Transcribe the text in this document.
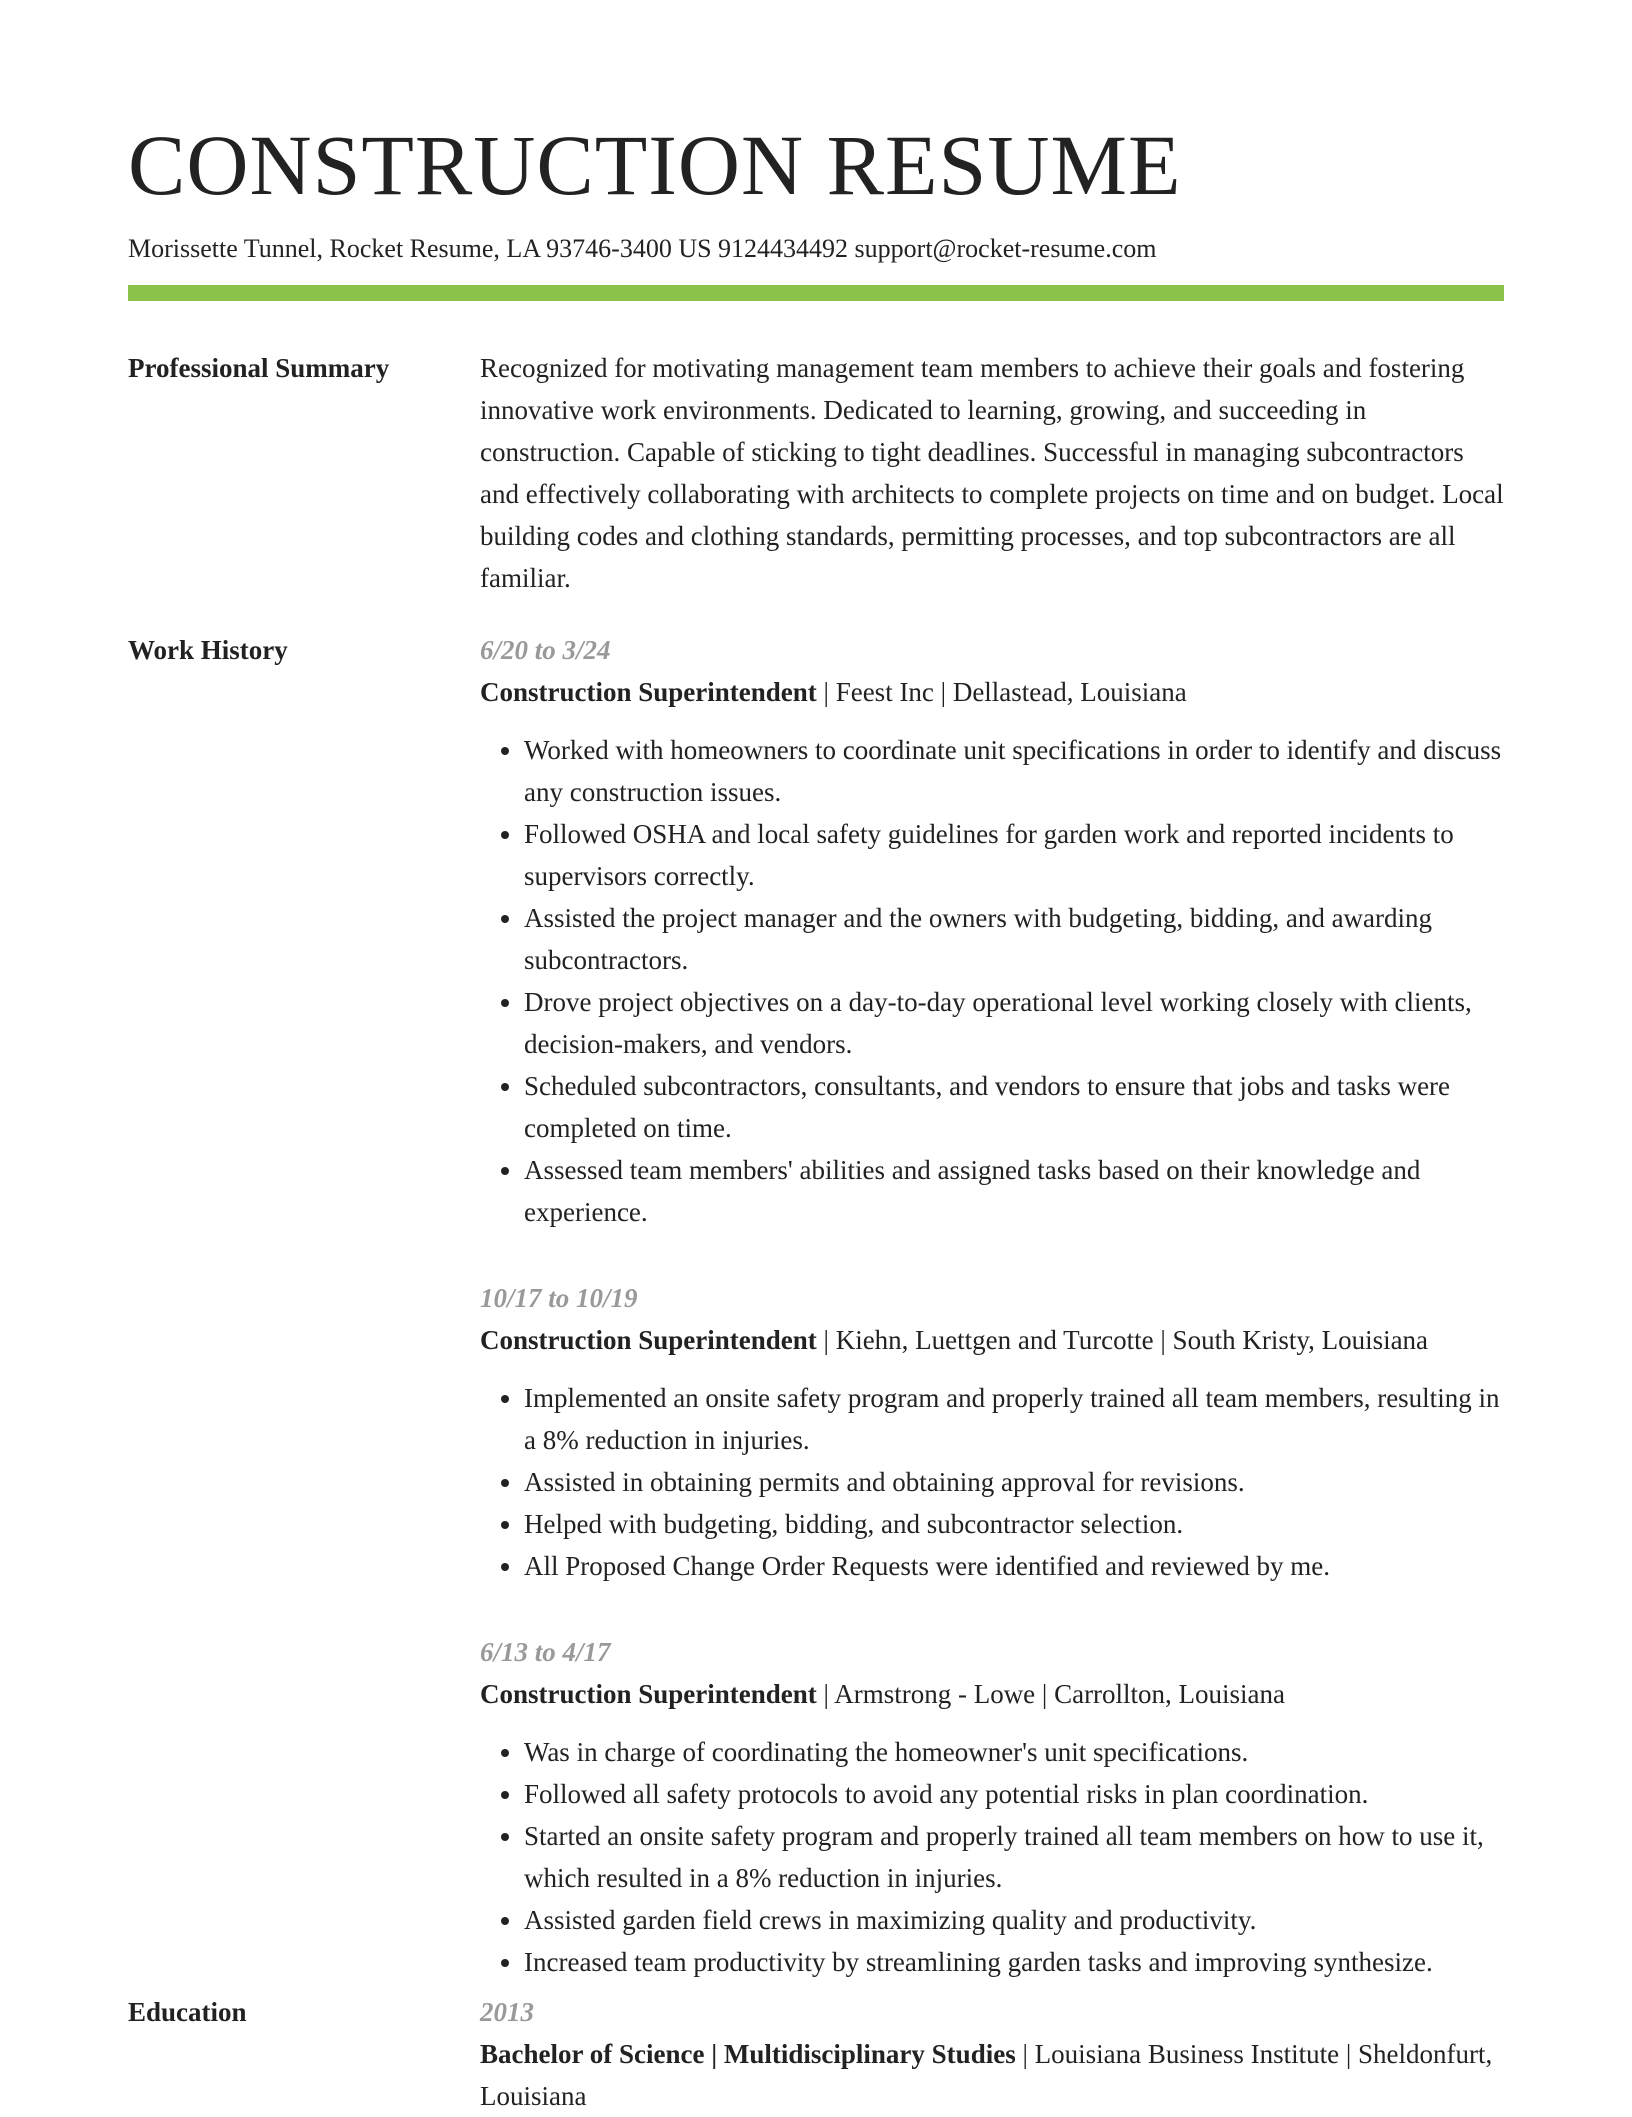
CONSTRUCTION RESUME
Morissette Tunnel, Rocket Resume, LA 93746-3400 US 9124434492 support@rocket-resume.com
Professional Summary	Recognized for motivating management team members to achieve their goals and fostering innovative work environments. Dedicated to learning, growing, and succeeding in construction. Capable of sticking to tight deadlines. Successful in managing subcontractors and effectively collaborating with architects to complete projects on time and on budget. Local building codes and clothing standards, permitting processes, and top subcontractors are all familiar.

Work History	6/20 to 3/24
Construction Superintendent | Feest Inc | Dellastead, Louisiana
• Worked with homeowners to coordinate unit specifications in order to identify and discuss any construction issues.
• Followed OSHA and local safety guidelines for garden work and reported incidents to supervisors correctly.
• Assisted the project manager and the owners with budgeting, bidding, and awarding subcontractors.
• Drove project objectives on a day-to-day operational level working closely with clients, decision-makers, and vendors.
• Scheduled subcontractors, consultants, and vendors to ensure that jobs and tasks were completed on time.
• Assessed team members' abilities and assigned tasks based on their knowledge and experience.
10/17 to 10/19
Construction Superintendent | Kiehn, Luettgen and Turcotte | South Kristy, Louisiana
• Implemented an onsite safety program and properly trained all team members, resulting in a 8% reduction in injuries.
• Assisted in obtaining permits and obtaining approval for revisions.
• Helped with budgeting, bidding, and subcontractor selection.
• All Proposed Change Order Requests were identified and reviewed by me.
6/13 to 4/17
Construction Superintendent | Armstrong - Lowe | Carrollton, Louisiana
• Was in charge of coordinating the homeowner's unit specifications.
• Followed all safety protocols to avoid any potential risks in plan coordination.
• Started an onsite safety program and properly trained all team members on how to use it, which resulted in a 8% reduction in injuries.
• Assisted garden field crews in maximizing quality and productivity.
• Increased team productivity by streamlining garden tasks and improving synthesize.
Education	2013
Bachelor of Science | Multidisciplinary Studies | Louisiana Business Institute | Sheldonfurt, Louisiana
